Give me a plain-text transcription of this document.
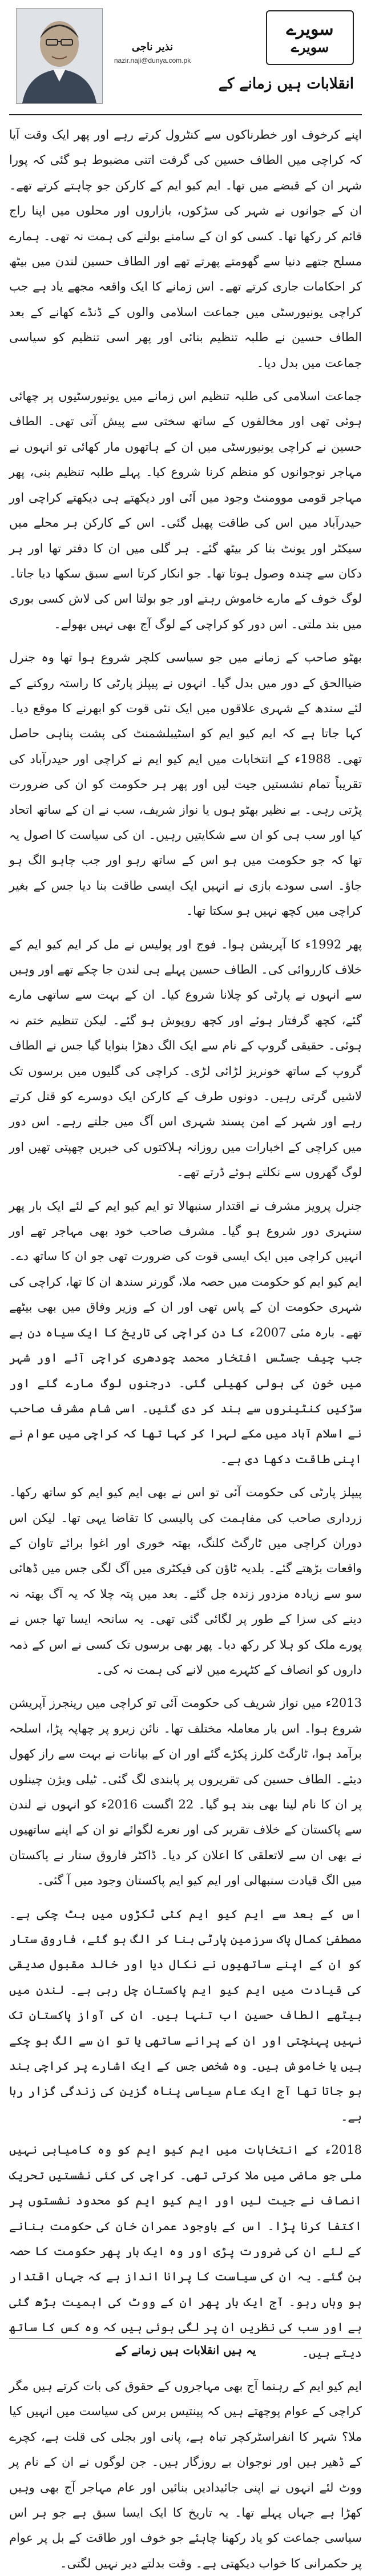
نذیر ناجی
nazir.naji@dunya.com.pk
سویرے
سویرے
انقلابات ہیں زمانے کے

اپنے کرخوف اور خطرناکوں سے کنٹرول کرتے رہے اور پھر ایک وقت آیا کہ کراچی میں الطاف حسین کی گرفت اتنی مضبوط ہو گئی کہ پورا شہر ان کے قبضے میں تھا۔ ایم کیو ایم کے کارکن جو چاہتے کرتے تھے۔ ان کے جوانوں نے شہر کی سڑکوں، بازاروں اور محلوں میں اپنا راج قائم کر رکھا تھا۔ کسی کو ان کے سامنے بولنے کی ہمت نہ تھی۔ ہمارے مسلح جتھے دنیا سے گھومتے پھرتے تھے اور الطاف حسین لندن میں بیٹھ کر احکامات جاری کرتے تھے۔ اس زمانے کا ایک واقعہ مجھے یاد ہے جب کراچی یونیورسٹی میں جماعت اسلامی والوں کے ڈنڈے کھانے کے بعد الطاف حسین نے طلبہ تنظیم بنائی اور پھر اسی تنظیم کو سیاسی جماعت میں بدل دیا۔

جماعت اسلامی کی طلبہ تنظیم اس زمانے میں یونیورسٹیوں پر چھائی ہوئی تھی اور مخالفوں کے ساتھ سختی سے پیش آتی تھی۔ الطاف حسین نے کراچی یونیورسٹی میں ان کے ہاتھوں مار کھائی تو انہوں نے مہاجر نوجوانوں کو منظم کرنا شروع کیا۔ پہلے طلبہ تنظیم بنی، پھر مہاجر قومی موومنٹ وجود میں آئی اور دیکھتے ہی دیکھتے کراچی اور حیدرآباد میں اس کی طاقت پھیل گئی۔ اس کے کارکن ہر محلے میں سیکٹر اور یونٹ بنا کر بیٹھ گئے۔ ہر گلی میں ان کا دفتر تھا اور ہر دکان سے چندہ وصول ہوتا تھا۔ جو انکار کرتا اسے سبق سکھا دیا جاتا۔ لوگ خوف کے مارے خاموش رہتے اور جو بولتا اس کی لاش کسی بوری میں بند ملتی۔ اس دور کو کراچی کے لوگ آج بھی نہیں بھولے۔

بھٹو صاحب کے زمانے میں جو سیاسی کلچر شروع ہوا تھا وہ جنرل ضیاالحق کے دور میں بدل گیا۔ انہوں نے پیپلز پارٹی کا راستہ روکنے کے لئے سندھ کے شہری علاقوں میں ایک نئی قوت کو ابھرنے کا موقع دیا۔ کہا جاتا ہے کہ ایم کیو ایم کو اسٹیبلشمنٹ کی پشت پناہی حاصل تھی۔ 1988ء کے انتخابات میں ایم کیو ایم نے کراچی اور حیدرآباد کی تقریباً تمام نشستیں جیت لیں اور پھر ہر حکومت کو ان کی ضرورت پڑتی رہی۔ بے نظیر بھٹو ہوں یا نواز شریف، سب نے ان کے ساتھ اتحاد کیا اور سب ہی کو ان سے شکایتیں رہیں۔ ان کی سیاست کا اصول یہ تھا کہ جو حکومت میں ہو اس کے ساتھ رہو اور جب چاہو الگ ہو جاؤ۔ اسی سودے بازی نے انہیں ایک ایسی طاقت بنا دیا جس کے بغیر کراچی میں کچھ نہیں ہو سکتا تھا۔

پھر 1992ء کا آپریشن ہوا۔ فوج اور پولیس نے مل کر ایم کیو ایم کے خلاف کارروائی کی۔ الطاف حسین پہلے ہی لندن جا چکے تھے اور وہیں سے انہوں نے پارٹی کو چلانا شروع کیا۔ ان کے بہت سے ساتھی مارے گئے، کچھ گرفتار ہوئے اور کچھ روپوش ہو گئے۔ لیکن تنظیم ختم نہ ہوئی۔ حقیقی گروپ کے نام سے ایک الگ دھڑا بنوایا گیا جس نے الطاف گروپ کے ساتھ خونریز لڑائی لڑی۔ کراچی کی گلیوں میں برسوں تک لاشیں گرتی رہیں۔ دونوں طرف کے کارکن ایک دوسرے کو قتل کرتے رہے اور شہر کے امن پسند شہری اس آگ میں جلتے رہے۔ اس دور میں کراچی کے اخبارات میں روزانہ ہلاکتوں کی خبریں چھپتی تھیں اور لوگ گھروں سے نکلتے ہوئے ڈرتے تھے۔

جنرل پرویز مشرف نے اقتدار سنبھالا تو ایم کیو ایم کے لئے ایک بار پھر سنہری دور شروع ہو گیا۔ مشرف صاحب خود بھی مہاجر تھے اور انہیں کراچی میں ایک ایسی قوت کی ضرورت تھی جو ان کا ساتھ دے۔ ایم کیو ایم کو حکومت میں حصہ ملا، گورنر سندھ ان کا تھا، کراچی کی شہری حکومت ان کے پاس تھی اور ان کے وزیر وفاق میں بھی بیٹھے تھے۔ بارہ مئی 2007ء کا دن کراچی کی تاریخ کا ایک سیاہ دن ہے جب چیف جسٹس افتخار محمد چودھری کراچی آئے اور شہر میں خون کی ہولی کھیلی گئی۔ درجنوں لوگ مارے گئے اور سڑکیں کنٹینروں سے بند کر دی گئیں۔ اسی شام مشرف صاحب نے اسلام آباد میں مکے لہرا کر کہا تھا کہ کراچی میں عوام نے اپنی طاقت دکھا دی ہے۔

پیپلز پارٹی کی حکومت آئی تو اس نے بھی ایم کیو ایم کو ساتھ رکھا۔ زرداری صاحب کی مفاہمت کی پالیسی کا تقاضا یہی تھا۔ لیکن اس دوران کراچی میں ٹارگٹ کلنگ، بھتہ خوری اور اغوا برائے تاوان کے واقعات بڑھتے گئے۔ بلدیہ ٹاؤن کی فیکٹری میں آگ لگی جس میں ڈھائی سو سے زیادہ مزدور زندہ جل گئے۔ بعد میں پتہ چلا کہ یہ آگ بھتہ نہ دینے کی سزا کے طور پر لگائی گئی تھی۔ یہ سانحہ ایسا تھا جس نے پورے ملک کو ہلا کر رکھ دیا۔ پھر بھی برسوں تک کسی نے اس کے ذمہ داروں کو انصاف کے کٹہرے میں لانے کی ہمت نہ کی۔

2013ء میں نواز شریف کی حکومت آئی تو کراچی میں رینجرز آپریشن شروع ہوا۔ اس بار معاملہ مختلف تھا۔ نائن زیرو پر چھاپہ پڑا، اسلحہ برآمد ہوا، ٹارگٹ کلرز پکڑے گئے اور ان کے بیانات نے بہت سے راز کھول دیئے۔ الطاف حسین کی تقریروں پر پابندی لگ گئی۔ ٹیلی ویژن چینلوں پر ان کا نام لینا بھی بند ہو گیا۔ 22 اگست 2016ء کو انہوں نے لندن سے پاکستان کے خلاف تقریر کی اور نعرے لگوائے تو ان کے اپنے ساتھیوں نے بھی ان سے لاتعلقی کا اعلان کر دیا۔ ڈاکٹر فاروق ستار نے پاکستان میں الگ قیادت سنبھالی اور ایم کیو ایم پاکستان وجود میں آ گئی۔

اس کے بعد سے ایم کیو ایم کئی ٹکڑوں میں بٹ چکی ہے۔ مصطفیٰ کمال پاک سرزمین پارٹی بنا کر الگ ہو گئے، فاروق ستار کو ان کے اپنے ساتھیوں نے نکال دیا اور خالد مقبول صدیقی کی قیادت میں ایم کیو ایم پاکستان چل رہی ہے۔ لندن میں بیٹھے الطاف حسین اب تنہا ہیں۔ ان کی آواز پاکستان تک نہیں پہنچتی اور ان کے پرانے ساتھی یا تو ان سے الگ ہو چکے ہیں یا خاموش ہیں۔ وہ شخص جس کے ایک اشارے پر کراچی بند ہو جاتا تھا آج ایک عام سیاسی پناہ گزین کی زندگی گزار رہا ہے۔

2018ء کے انتخابات میں ایم کیو ایم کو وہ کامیابی نہیں ملی جو ماضی میں ملا کرتی تھی۔ کراچی کی کئی نشستیں تحریک انصاف نے جیت لیں اور ایم کیو ایم کو محدود نشستوں پر اکتفا کرنا پڑا۔ اس کے باوجود عمران خان کی حکومت بنانے کے لئے ان کی ضرورت پڑی اور وہ ایک بار پھر حکومت کا حصہ بن گئے۔ یہ ان کی سیاست کا پرانا انداز ہے کہ جہاں اقتدار ہو وہاں رہو۔ آج ایک بار پھر ان کے ووٹ کی اہمیت بڑھ گئی ہے اور سب کی نظریں ان پر لگی ہوئی ہیں کہ وہ کس کا ساتھ دیتے ہیں۔

ایم کیو ایم کے رہنما آج بھی مہاجروں کے حقوق کی بات کرتے ہیں مگر کراچی کے عوام پوچھتے ہیں کہ پینتیس برس کی سیاست میں انہیں کیا ملا؟ شہر کا انفراسٹرکچر تباہ ہے، پانی اور بجلی کی قلت ہے، کچرے کے ڈھیر ہیں اور نوجوان بے روزگار ہیں۔ جن لوگوں نے ان کے نام پر ووٹ لئے انہوں نے اپنی جائیدادیں بنائیں اور عام مہاجر آج بھی وہیں کھڑا ہے جہاں پہلے تھا۔ یہ تاریخ کا ایک ایسا سبق ہے جو ہر اس سیاسی جماعت کو یاد رکھنا چاہئے جو خوف اور طاقت کے بل پر عوام پر حکمرانی کا خواب دیکھتی ہے۔ وقت بدلتے دیر نہیں لگتی۔

یہ ہیں انقلابات ہیں زمانے کے
